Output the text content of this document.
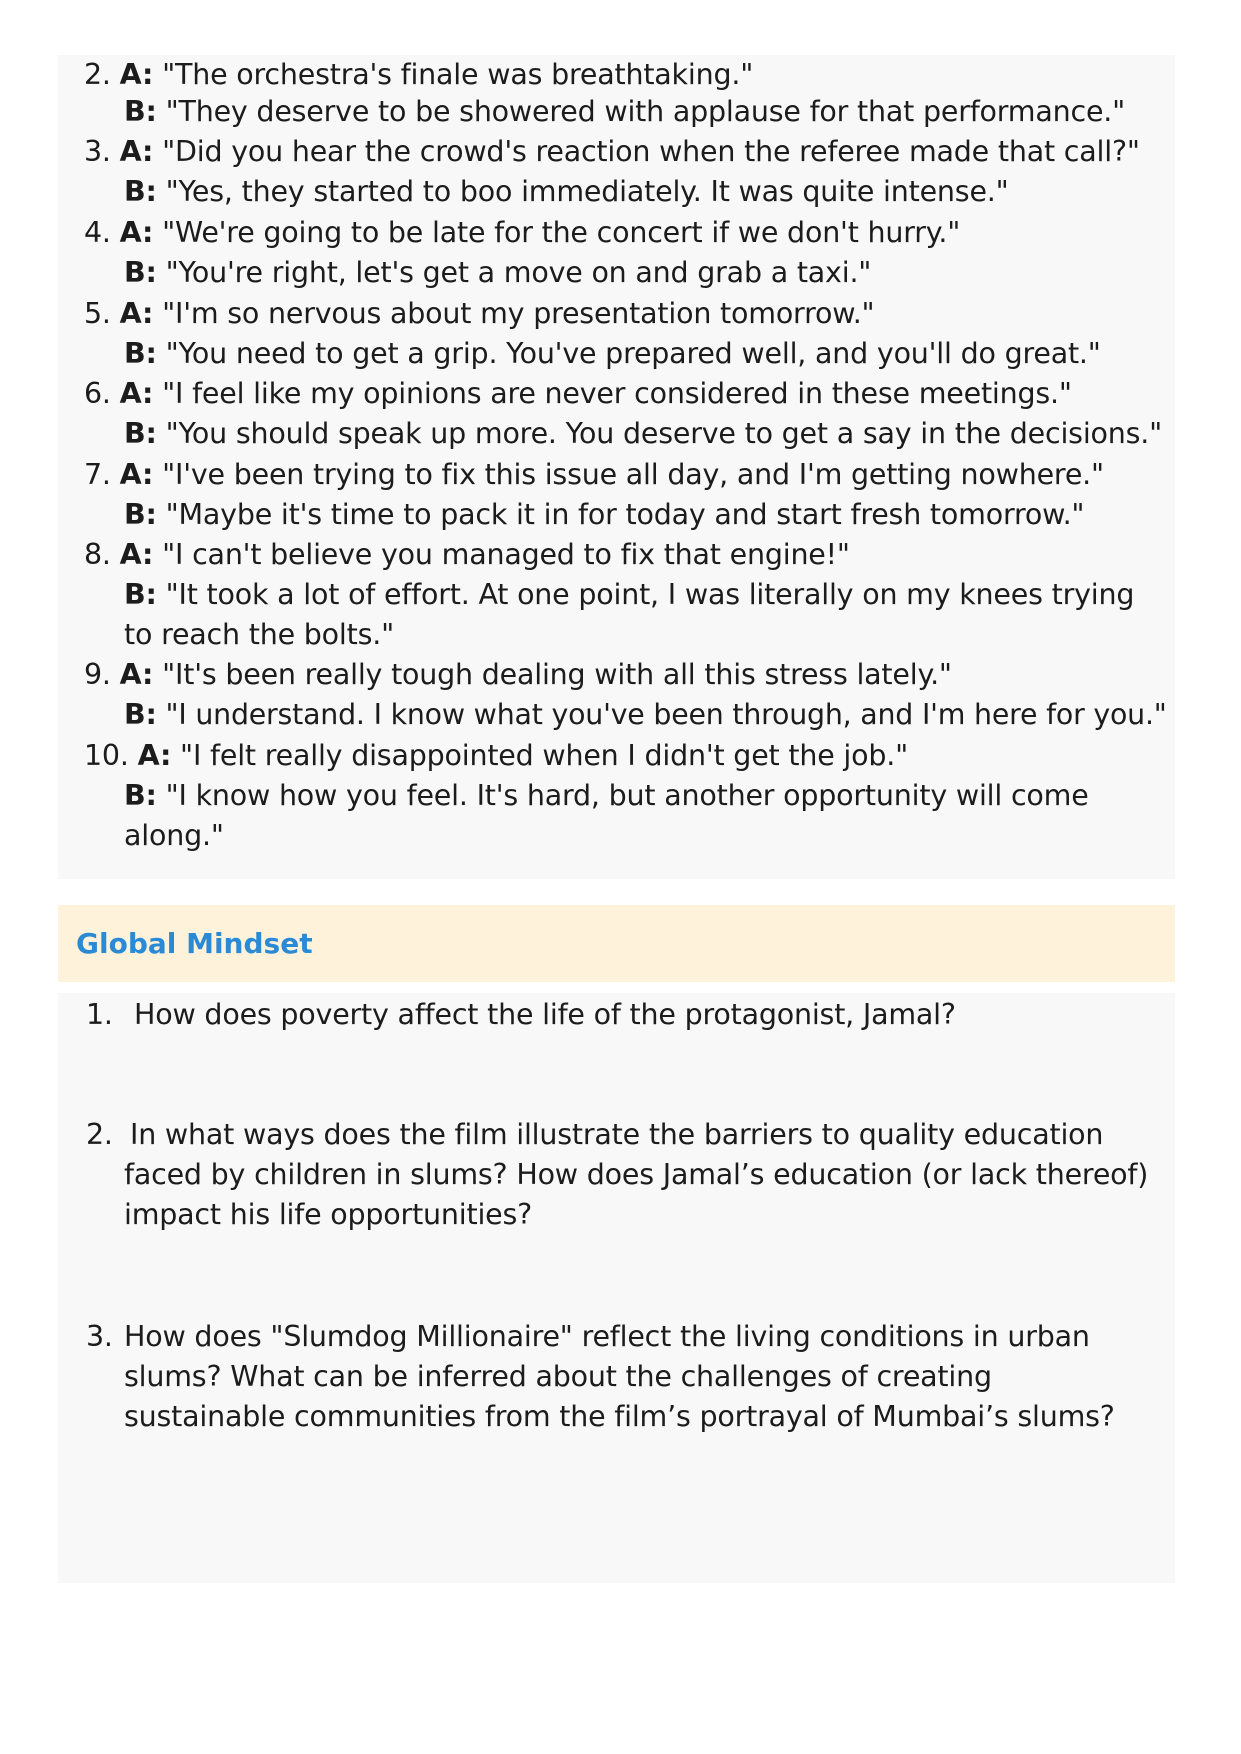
2. A: "The orchestra's finale was breathtaking."
B: "They deserve to be showered with applause for that performance."
3. A: "Did you hear the crowd's reaction when the referee made that call?"
B: "Yes, they started to boo immediately. It was quite intense."
4. A: "We're going to be late for the concert if we don't hurry."
B: "You're right, let's get a move on and grab a taxi."
5. A: "I'm so nervous about my presentation tomorrow."
B: "You need to get a grip. You've prepared well, and you'll do great."
6. A: "I feel like my opinions are never considered in these meetings."
B: "You should speak up more. You deserve to get a say in the decisions."
7. A: "I've been trying to fix this issue all day, and I'm getting nowhere."
B: "Maybe it's time to pack it in for today and start fresh tomorrow."
8. A: "I can't believe you managed to fix that engine!"
B: "It took a lot of effort. At one point, I was literally on my knees trying
to reach the bolts."
9. A: "It's been really tough dealing with all this stress lately."
B: "I understand. I know what you've been through, and I'm here for you."
10. A: "I felt really disappointed when I didn't get the job."
B: "I know how you feel. It's hard, but another opportunity will come
along."
Global Mindset
1. How does poverty affect the life of the protagonist, Jamal?
2. In what ways does the film illustrate the barriers to quality education
faced by children in slums? How does Jamal’s education (or lack thereof)
impact his life opportunities?
3. How does "Slumdog Millionaire" reflect the living conditions in urban
slums? What can be inferred about the challenges of creating
sustainable communities from the film’s portrayal of Mumbai’s slums?
